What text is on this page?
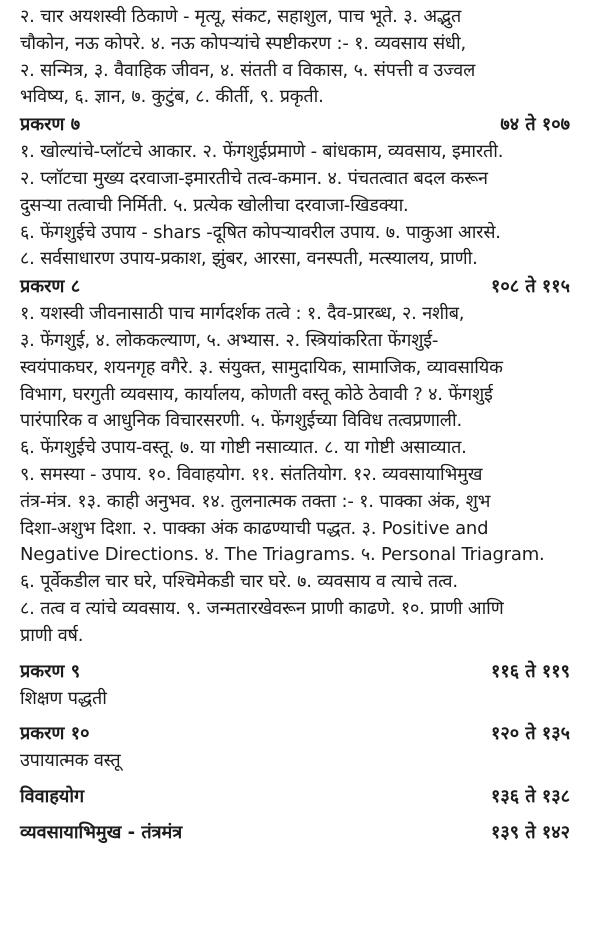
२. चार अयशस्वी ठिकाणे - मृत्यू, संकट, सहाशुल, पाच भूते. ३. अद्भुत
चौकोन, नऊ कोपरे. ४. नऊ कोपऱ्यांचे स्पष्टीकरण :- १. व्यवसाय संधी,
२. सन्मित्र, ३. वैवाहिक जीवन, ४. संतती व विकास, ५. संपत्ती व उज्वल
भविष्य, ६. ज्ञान, ७. कुटुंब, ८. कीर्ती, ९. प्रकृती.
प्रकरण ७	७४ ते १०७
१. खोल्यांचे-प्लॉटचे आकार. २. फेंगशुईप्रमाणे - बांधकाम, व्यवसाय, इमारती.
२. प्लॉटचा मुख्य दरवाजा-इमारतीचे तत्व-कमान. ४. पंचतत्वात बदल करून
दुसऱ्या तत्वाची निर्मिती. ५. प्रत्येक खोलीचा दरवाजा-खिडक्या.
६. फेंगशुईचे उपाय - shars -दूषित कोपऱ्यावरील उपाय. ७. पाकुआ आरसे.
८. सर्वसाधारण उपाय-प्रकाश, झुंबर, आरसा, वनस्पती, मत्स्यालय, प्राणी.
प्रकरण ८	१०८ ते ११५
१. यशस्वी जीवनासाठी पाच मार्गदर्शक तत्वे : १. दैव-प्रारब्ध, २. नशीब,
३. फेंगशुई, ४. लोककल्याण, ५. अभ्यास. २. स्त्रियांकरिता फेंगशुई-
स्वयंपाकघर, शयनगृह वगैरे. ३. संयुक्त, सामुदायिक, सामाजिक, व्यावसायिक
विभाग, घरगुती व्यवसाय, कार्यालय, कोणती वस्तू कोठे ठेवावी ? ४. फेंगशुई
पारंपारिक व आधुनिक विचारसरणी. ५. फेंगशुईच्या विविध तत्वप्रणाली.
६. फेंगशुईचे उपाय-वस्तू. ७. या गोष्टी नसाव्यात. ८. या गोष्टी असाव्यात.
९. समस्या - उपाय. १०. विवाहयोग. ११. संततियोग. १२. व्यवसायाभिमुख
तंत्र-मंत्र. १३. काही अनुभव. १४. तुलनात्मक तक्ता :- १. पाक्का अंक, शुभ
दिशा-अशुभ दिशा. २. पाक्का अंक काढण्याची पद्धत. ३. Positive and
Negative Directions. ४. The Triagrams. ५. Personal Triagram.
६. पूर्वेकडील चार घरे, पश्चिमेकडी चार घरे. ७. व्यवसाय व त्याचे तत्व.
८. तत्व व त्यांचे व्यवसाय. ९. जन्मतारखेवरून प्राणी काढणे. १०. प्राणी आणि
प्राणी वर्ष.
प्रकरण ९	११६ ते ११९
शिक्षण पद्धती
प्रकरण १०	१२० ते १३५
उपायात्मक वस्तू
विवाहयोग	१३६ ते १३८
व्यवसायाभिमुख - तंत्रमंत्र	१३९ ते १४२
